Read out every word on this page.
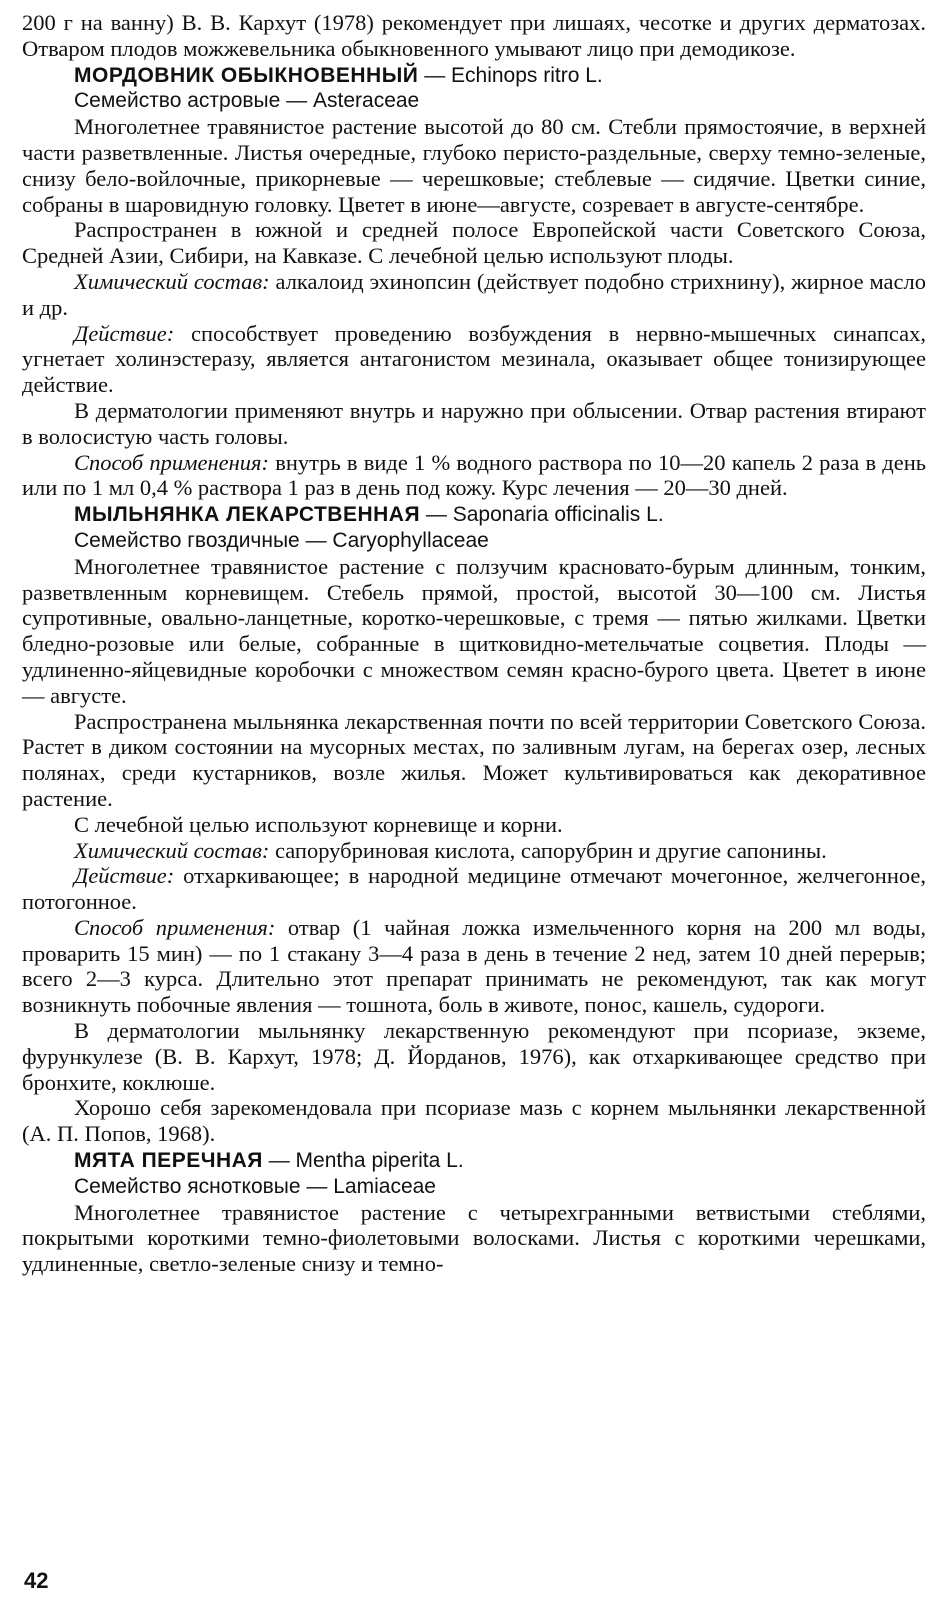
200 г на ванну) В. В. Кархут (1978) рекомендует при лишаях, чесотке и других дерматозах. Отваром плодов можжевельника обыкновенного умывают лицо при демодикозе.

МОРДОВНИК ОБЫКНОВЕННЫЙ — Echinops ritro L.

Семейство астровые — Asteraceae

Многолетнее травянистое растение высотой до 80 см. Стебли прямостоячие, в верхней части разветвленные. Листья очередные, глубоко перисто-раздельные, сверху темно-зеленые, снизу бело-войлочные, прикорневые — черешковые; стеблевые — сидячие. Цветки синие, собраны в шаровидную головку. Цветет в июне—августе, созревает в августе-сентябре.

Распространен в южной и средней полосе Европейской части Советского Союза, Средней Азии, Сибири, на Кавказе. С лечебной целью используют плоды.

Химический состав: алкалоид эхинопсин (действует подобно стрихнину), жирное масло и др.

Действие: способствует проведению возбуждения в нервно-мышечных синапсах, угнетает холинэстеразу, является антагонистом мезинала, оказывает общее тонизирующее действие.

В дерматологии применяют внутрь и наружно при облысении. Отвар растения втирают в волосистую часть головы.

Способ применения: внутрь в виде 1 % водного раствора по 10—20 капель 2 раза в день или по 1 мл 0,4 % раствора 1 раз в день под кожу. Курс лечения — 20—30 дней.

МЫЛЬНЯНКА ЛЕКАРСТВЕННАЯ — Saponaria officinalis L.

Семейство гвоздичные — Caryophyllaceae

Многолетнее травянистое растение с ползучим красновато-бурым длинным, тонким, разветвленным корневищем. Стебель прямой, простой, высотой 30—100 см. Листья супротивные, овально-ланцетные, коротко-черешковые, с тремя — пятью жилками. Цветки бледно-розовые или белые, собранные в щитковидно-метельчатые соцветия. Плоды — удлиненно-яйцевидные коробочки с множеством семян красно-бурого цвета. Цветет в июне — августе.

Распространена мыльнянка лекарственная почти по всей территории Советского Союза. Растет в диком состоянии на мусорных местах, по заливным лугам, на берегах озер, лесных полянах, среди кустарников, возле жилья. Может культивироваться как декоративное растение.

С лечебной целью используют корневище и корни.

Химический состав: сапорубриновая кислота, сапорубрин и другие сапонины.

Действие: отхаркивающее; в народной медицине отмечают мочегонное, желчегонное, потогонное.

Способ применения: отвар (1 чайная ложка измельченного корня на 200 мл воды, проварить 15 мин) — по 1 стакану 3—4 раза в день в течение 2 нед, затем 10 дней перерыв; всего 2—3 курса. Длительно этот препарат принимать не рекомендуют, так как могут возникнуть побочные явления — тошнота, боль в животе, понос, кашель, судороги.

В дерматологии мыльнянку лекарственную рекомендуют при псориазе, экземе, фурункулезе (В. В. Кархут, 1978; Д. Йорданов, 1976), как отхаркивающее средство при бронхите, коклюше.

Хорошо себя зарекомендовала при псориазе мазь с корнем мыльнянки лекарственной (А. П. Попов, 1968).

МЯТА ПЕРЕЧНАЯ — Mentha piperita L.

Семейство яснотковые — Lamiaceae

Многолетнее травянистое растение с четырехгранными ветвистыми стеблями, покрытыми короткими темно-фиолетовыми волосками. Листья с короткими черешками, удлиненные, светло-зеленые снизу и темно-

42
